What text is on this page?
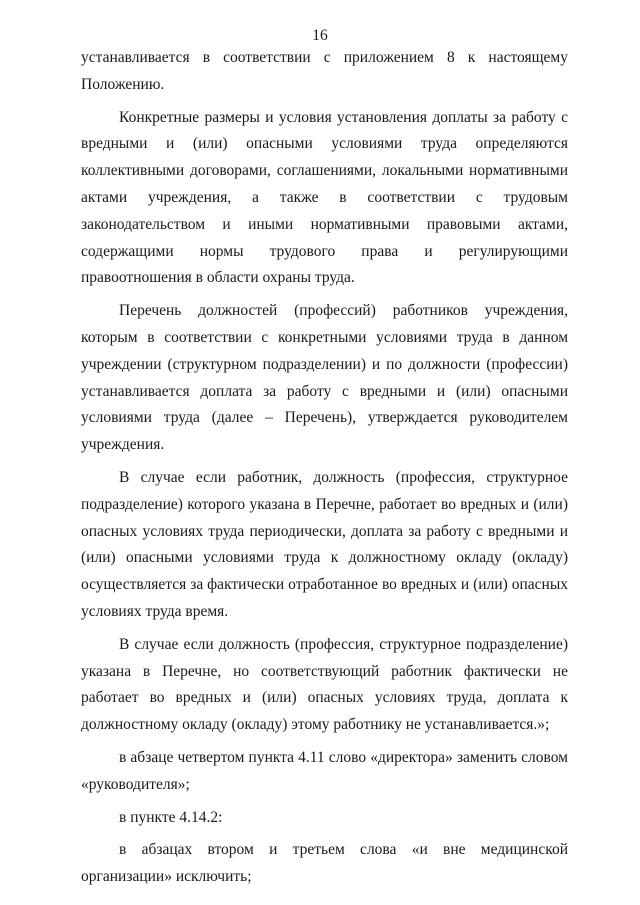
16

устанавливается в соответствии с приложением 8 к настоящему Положению.

Конкретные размеры и условия установления доплаты за работу с вредными и (или) опасными условиями труда определяются коллективными договорами, соглашениями, локальными нормативными актами учреждения, а также в соответствии с трудовым законодательством и иными нормативными правовыми актами, содержащими нормы трудового права и регулирующими правоотношения в области охраны труда.

Перечень должностей (профессий) работников учреждения, которым в соответствии с конкретными условиями труда в данном учреждении (структурном подразделении) и по должности (профессии) устанавливается доплата за работу с вредными и (или) опасными условиями труда (далее – Перечень), утверждается руководителем учреждения.

В случае если работник, должность (профессия, структурное подразделение) которого указана в Перечне, работает во вредных и (или) опасных условиях труда периодически, доплата за работу с вредными и (или) опасными условиями труда к должностному окладу (окладу) осуществляется за фактически отработанное во вредных и (или) опасных условиях труда время.

В случае если должность (профессия, структурное подразделение) указана в Перечне, но соответствующий работник фактически не работает во вредных и (или) опасных условиях труда, доплата к должностному окладу (окладу) этому работнику не устанавливается.»;

в абзаце четвертом пункта 4.11 слово «директора» заменить словом «руководителя»;

в пункте 4.14.2:

в абзацах втором и третьем слова «и вне медицинской организации» исключить;
